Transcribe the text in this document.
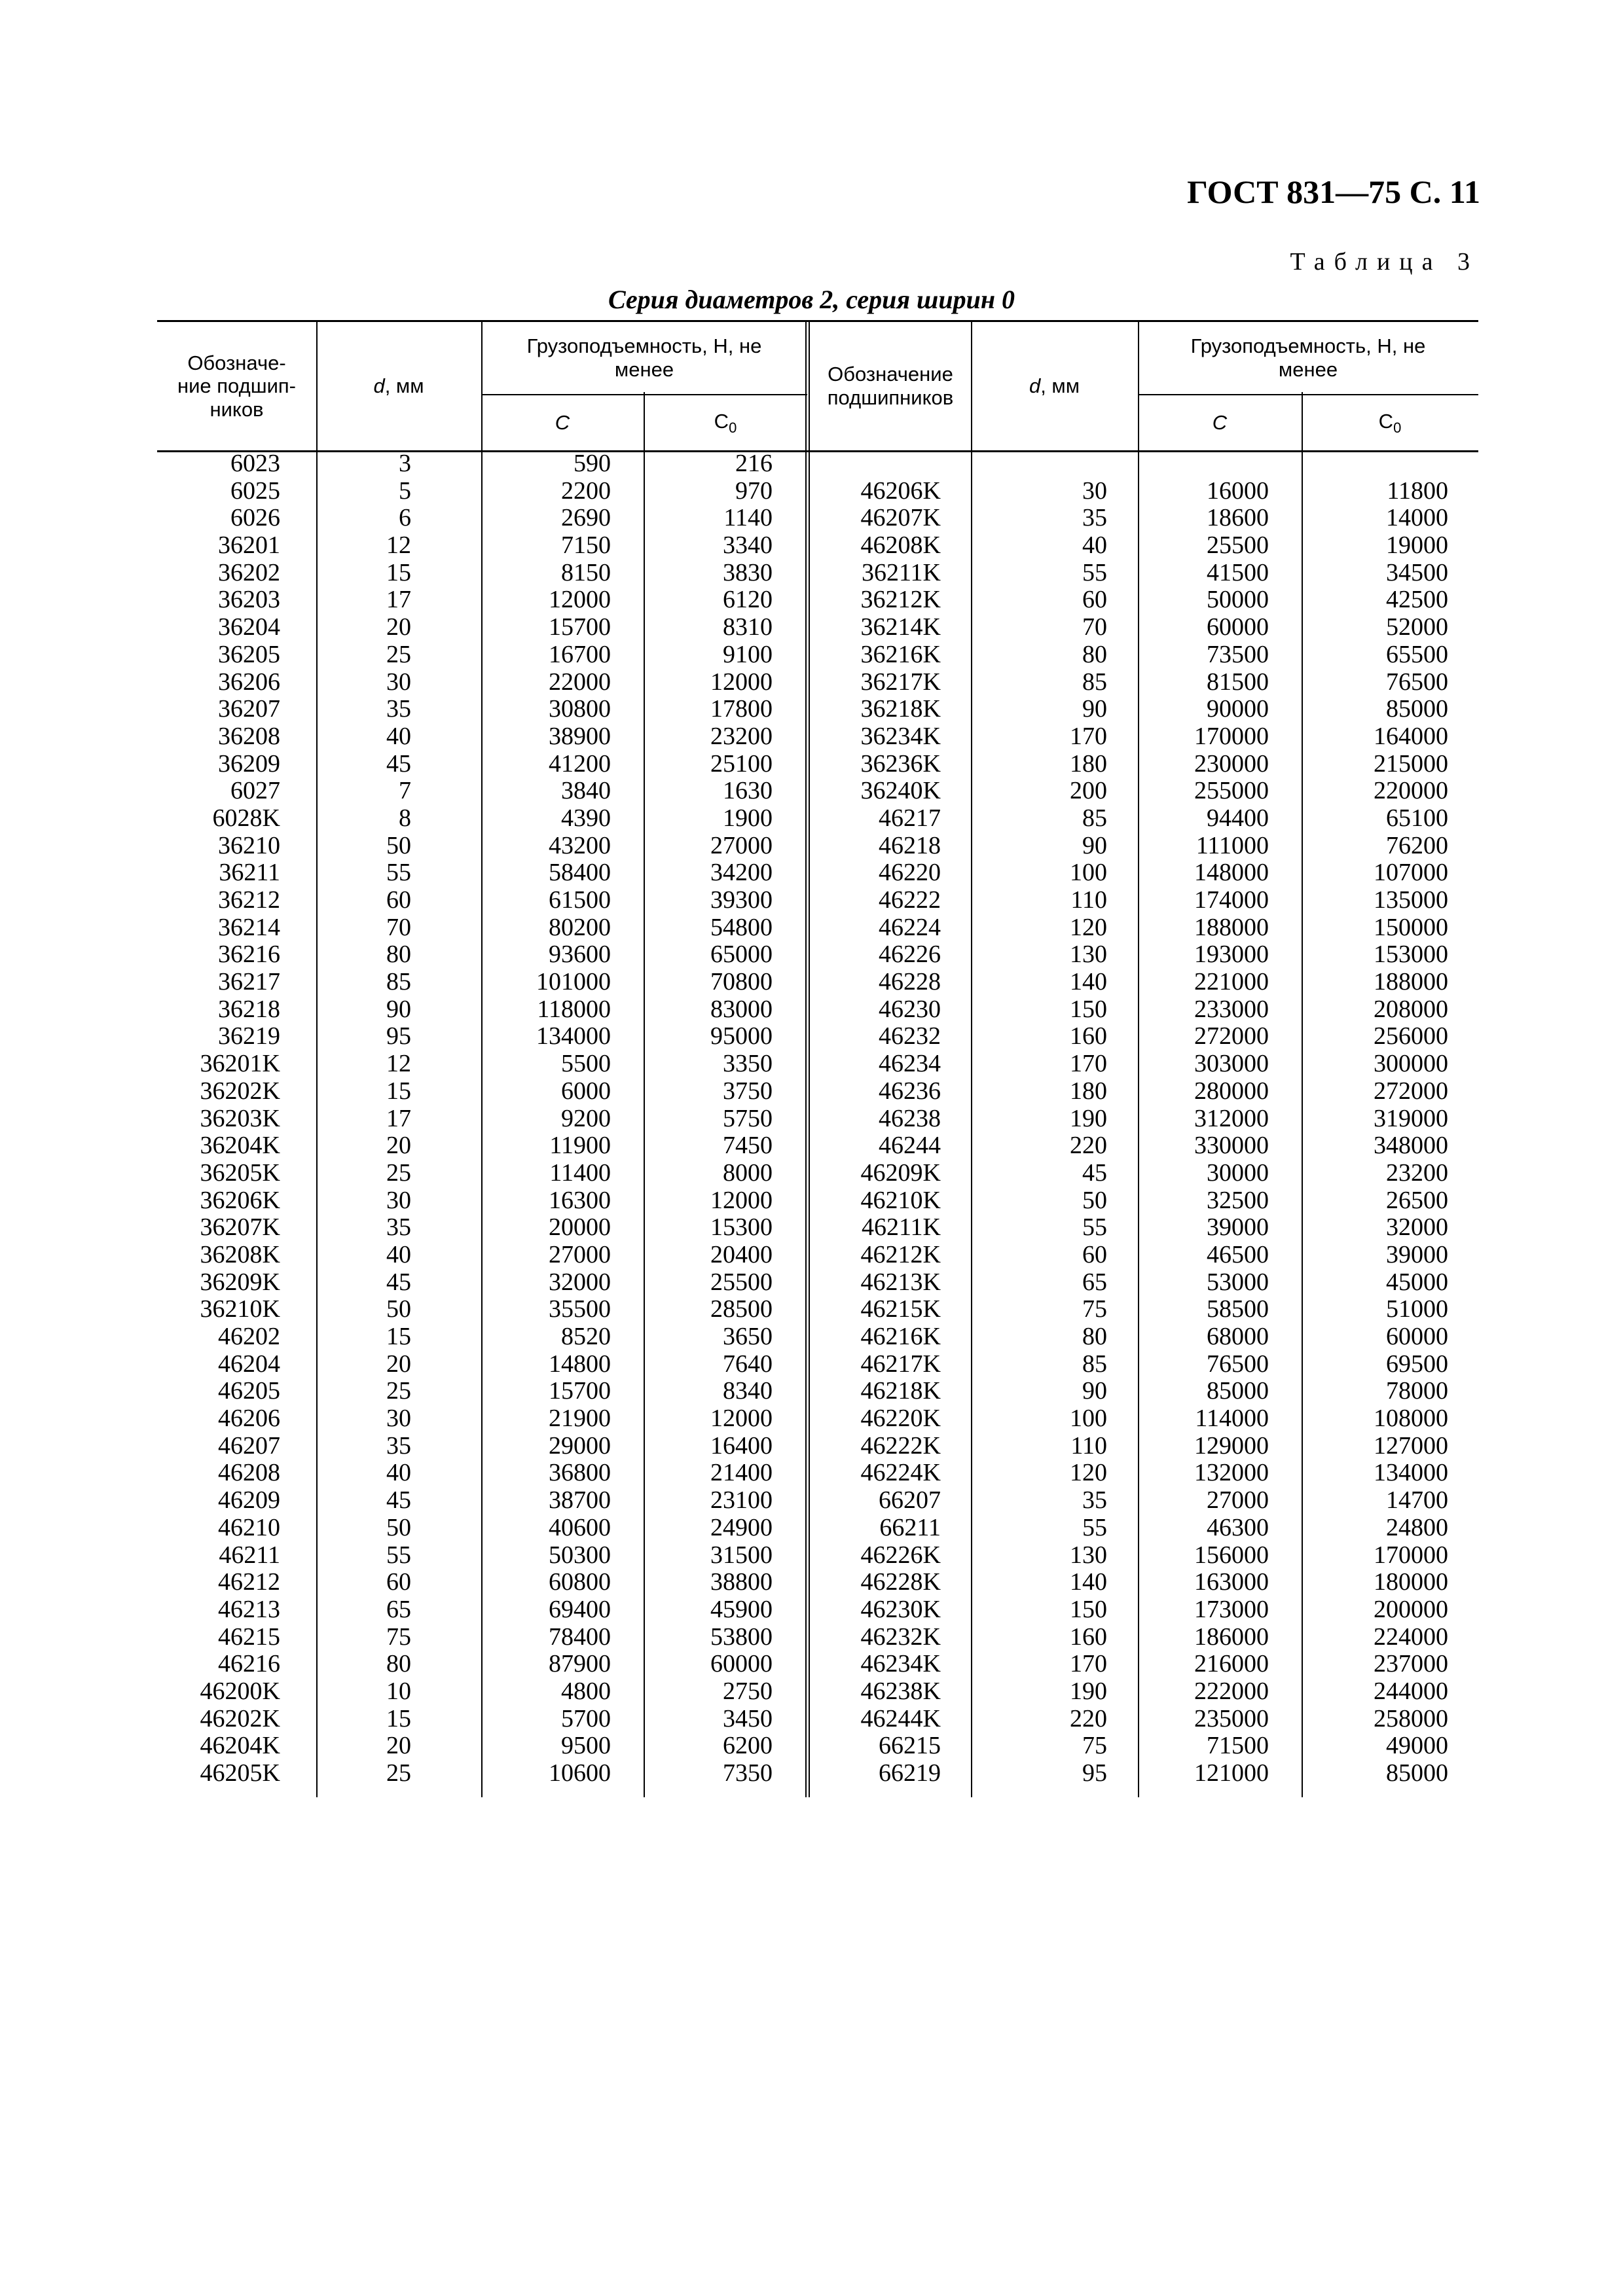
ГОСТ 831—75 С. 11
Таблица 3
Серия диаметров 2, серия ширин 0
Обозначе-ние подшип-ников
d, мм
Грузоподъемность, Н, не менее
C	$C_0$
Обозначение подшипников
d, мм
Грузоподъемность, Н, не менее
C	$C_0$
6023
6025
6026
36201
36202
36203
36204
36205
36206
36207
36208
36209
6027
6028K
36210
36211
36212
36214
36216
36217
36218
36219
36201K
36202K
36203K
36204K
36205K
36206K
36207K
36208K
36209K
36210K
46202
46204
46205
46206
46207
46208
46209
46210
46211
46212
46213
46215
46216
46200K
46202K
46204K
46205K
3
5
6
12
15
17
20
25
30
35
40
45
7
8
50
55
60
70
80
85
90
95
12
15
17
20
25
30
35
40
45
50
15
20
25
30
35
40
45
50
55
60
65
75
80
10
15
20
25
590
2200
2690
7150
8150
12000
15700
16700
22000
30800
38900
41200
3840
4390
43200
58400
61500
80200
93600
101000
118000
134000
5500
6000
9200
11900
11400
16300
20000
27000
32000
35500
8520
14800
15700
21900
29000
36800
38700
40600
50300
60800
69400
78400
87900
4800
5700
9500
10600
216
970
1140
3340
3830
6120
8310
9100
12000
17800
23200
25100
1630
1900
27000
34200
39300
54800
65000
70800
83000
95000
3350
3750
5750
7450
8000
12000
15300
20400
25500
28500
3650
7640
8340
12000
16400
21400
23100
24900
31500
38800
45900
53800
60000
2750
3450
6200
7350
46206K
46207K
46208K
36211K
36212K
36214K
36216K
36217K
36218K
36234K
36236K
36240K
46217
46218
46220
46222
46224
46226
46228
46230
46232
46234
46236
46238
46244
46209K
46210K
46211K
46212K
46213K
46215K
46216K
46217K
46218K
46220K
46222K
46224K
66207
66211
46226K
46228K
46230K
46232K
46234K
46238K
46244K
66215
66219
30
35
40
55
60
70
80
85
90
170
180
200
85
90
100
110
120
130
140
150
160
170
180
190
220
45
50
55
60
65
75
80
85
90
100
110
120
35
55
130
140
150
160
170
190
220
75
95
16000
18600
25500
41500
50000
60000
73500
81500
90000
170000
230000
255000
94400
111000
148000
174000
188000
193000
221000
233000
272000
303000
280000
312000
330000
30000
32500
39000
46500
53000
58500
68000
76500
85000
114000
129000
132000
27000
46300
156000
163000
173000
186000
216000
222000
235000
71500
121000
11800
14000
19000
34500
42500
52000
65500
76500
85000
164000
215000
220000
65100
76200
107000
135000
150000
153000
188000
208000
256000
300000
272000
319000
348000
23200
26500
32000
39000
45000
51000
60000
69500
78000
108000
127000
134000
14700
24800
170000
180000
200000
224000
237000
244000
258000
49000
85000
